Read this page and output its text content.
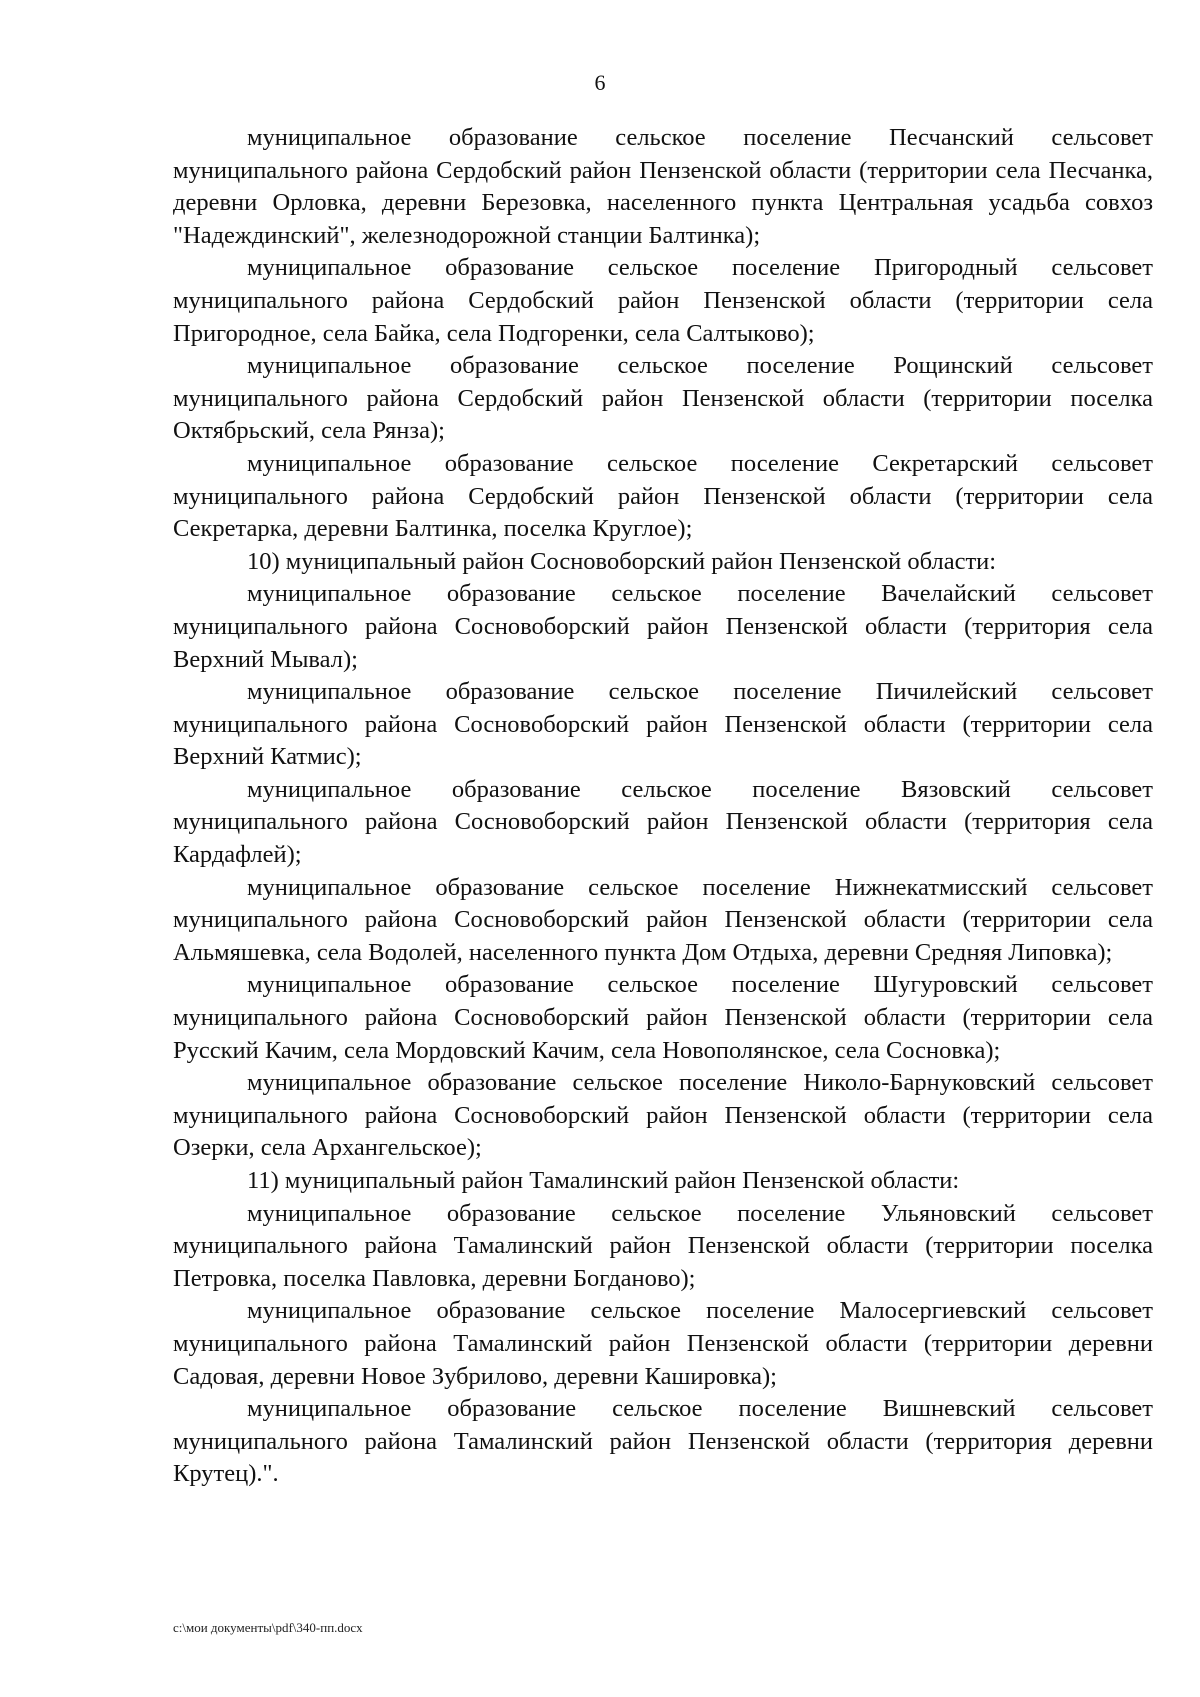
6

муниципальное образование сельское поселение Песчанский сельсовет муниципального района Сердобский район Пензенской области (территории села Песчанка, деревни Орловка, деревни Березовка, населенного пункта Центральная усадьба совхоз "Надеждинский", железнодорожной станции Балтинка);

муниципальное образование сельское поселение Пригородный сельсовет муниципального района Сердобский район Пензенской области (территории села Пригородное, села Байка, села Подгоренки, села Салтыково);

муниципальное образование сельское поселение Рощинский сельсовет муниципального района Сердобский район Пензенской области (территории поселка Октябрьский, села Рянза);

муниципальное образование сельское поселение Секретарский сельсовет муниципального района Сердобский район Пензенской области (территории села Секретарка, деревни Балтинка, поселка Круглое);

10) муниципальный район Сосновоборский район Пензенской области:

муниципальное образование сельское поселение Вачелайский сельсовет муниципального района Сосновоборский район Пензенской области (территория села Верхний Мывал);

муниципальное образование сельское поселение Пичилейский сельсовет муниципального района Сосновоборский район Пензенской области (территории села Верхний Катмис);

муниципальное образование сельское поселение Вязовский сельсовет муниципального района Сосновоборский район Пензенской области (территория села Кардафлей);

муниципальное образование сельское поселение Нижнекатмисский сельсовет муниципального района Сосновоборский район Пензенской области (территории села Альмяшевка, села Водолей, населенного пункта Дом Отдыха, деревни Средняя Липовка);

муниципальное образование сельское поселение Шугуровский сельсовет муниципального района Сосновоборский район Пензенской области (территории села Русский Качим, села Мордовский Качим, села Новополянское, села Сосновка);

муниципальное образование сельское поселение Николо-Барнуковский сельсовет муниципального района Сосновоборский район Пензенской области (территории села Озерки, села Архангельское);

11) муниципальный район Тамалинский район Пензенской области:

муниципальное образование сельское поселение Ульяновский сельсовет муниципального района Тамалинский район Пензенской области (территории поселка Петровка, поселка Павловка, деревни Богданово);

муниципальное образование сельское поселение Малосергиевский сельсовет муниципального района Тамалинский район Пензенской области (территории деревни Садовая, деревни Новое Зубрилово, деревни Кашировка);

муниципальное образование сельское поселение Вишневский сельсовет муниципального района Тамалинский район Пензенской области (территория деревни Крутец).".

c:\мои документы\pdf\340-пп.docx
